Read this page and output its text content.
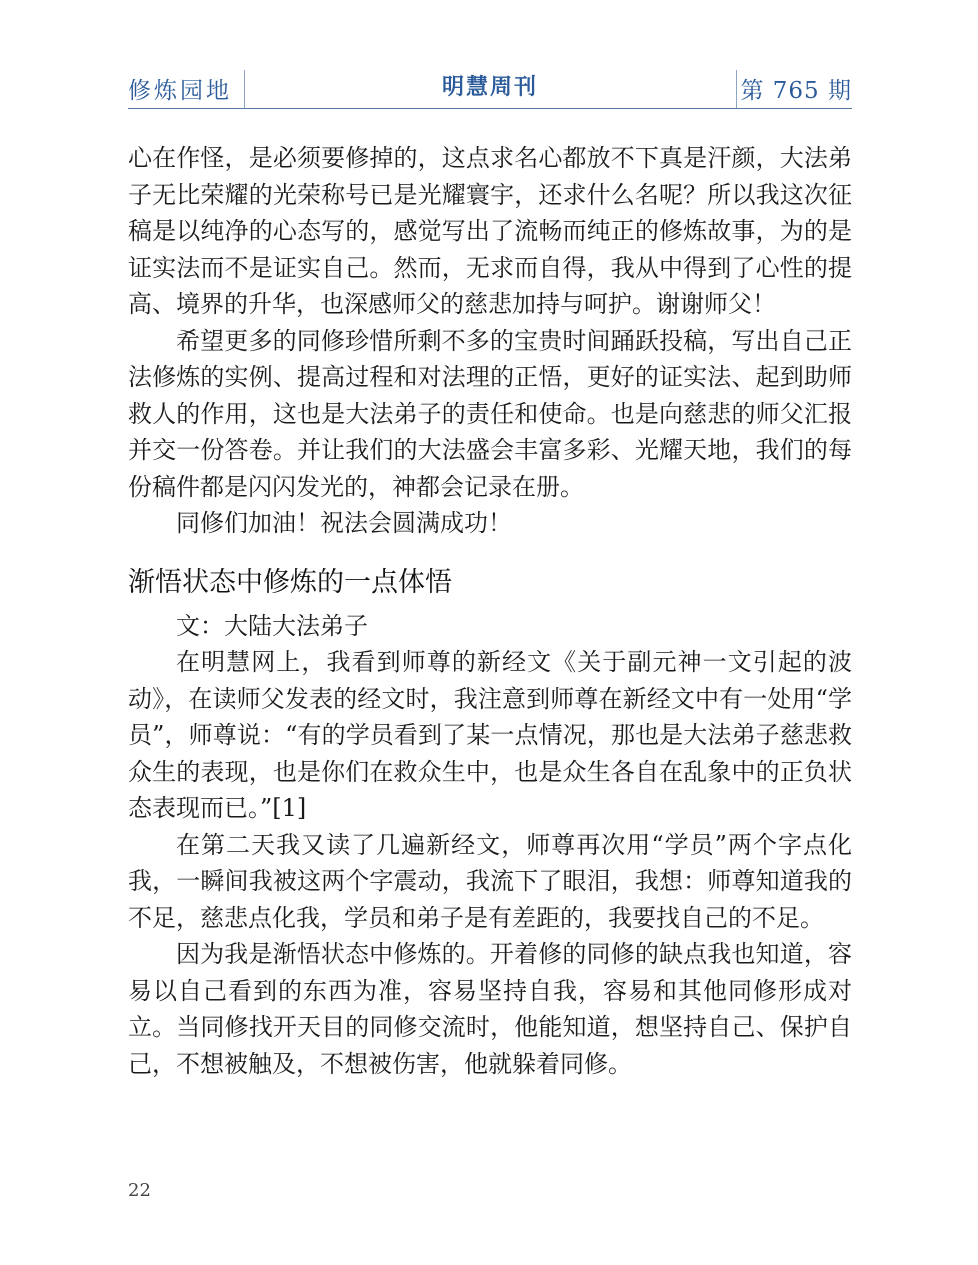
修炼园地	明慧周刊	第 765 期

心在作怪，是必须要修掉的，这点求名心都放不下真是汗颜，大法弟子无比荣耀的光荣称号已是光耀寰宇，还求什么名呢？所以我这次征稿是以纯净的心态写的，感觉写出了流畅而纯正的修炼故事，为的是证实法而不是证实自己。然而，无求而自得，我从中得到了心性的提高、境界的升华，也深感师父的慈悲加持与呵护。谢谢师父！

希望更多的同修珍惜所剩不多的宝贵时间踊跃投稿，写出自己正法修炼的实例、提高过程和对法理的正悟，更好的证实法、起到助师救人的作用，这也是大法弟子的责任和使命。也是向慈悲的师父汇报并交一份答卷。并让我们的大法盛会丰富多彩、光耀天地，我们的每份稿件都是闪闪发光的，神都会记录在册。

同修们加油！祝法会圆满成功！

渐悟状态中修炼的一点体悟

文：大陆大法弟子

在明慧网上，我看到师尊的新经文《关于副元神一文引起的波动》，在读师父发表的经文时，我注意到师尊在新经文中有一处用“学员”，师尊说：“有的学员看到了某一点情况，那也是大法弟子慈悲救众生的表现，也是你们在救众生中，也是众生各自在乱象中的正负状态表现而已。”[1]

在第二天我又读了几遍新经文，师尊再次用“学员”两个字点化我，一瞬间我被这两个字震动，我流下了眼泪，我想：师尊知道我的不足，慈悲点化我，学员和弟子是有差距的，我要找自己的不足。

因为我是渐悟状态中修炼的。开着修的同修的缺点我也知道，容易以自己看到的东西为准，容易坚持自我，容易和其他同修形成对立。当同修找开天目的同修交流时，他能知道，想坚持自己、保护自己，不想被触及，不想被伤害，他就躲着同修。

22
